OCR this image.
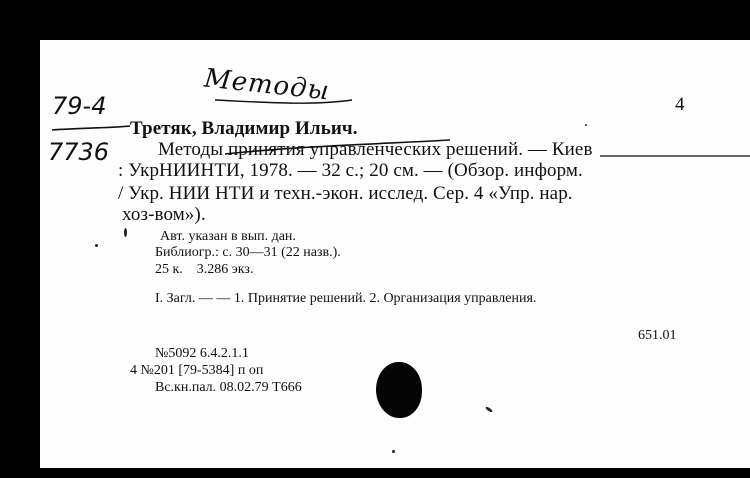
Методы
79-4
7736
4
Третяк, Владимир Ильич.
Методы принятия управленческих решений. — Киев
: УкрНИИНТИ, 1978. — 32 с.; 20 см. — (Обзор. информ.
/ Укр. НИИ НТИ и техн.-экон. исслед. Сер. 4 «Упр. нар.
хоз-вом»).
Авт. указан в вып. дан.
Библиогр.: с. 30—31 (22 назв.).
25 к.    3.286 экз.
I. Загл. — — 1. Принятие решений. 2. Организация управления.
651.01
№5092 6.4.2.1.1
4 №201 [79-5384] п оп
Вс.кн.пал. 08.02.79 Т666
